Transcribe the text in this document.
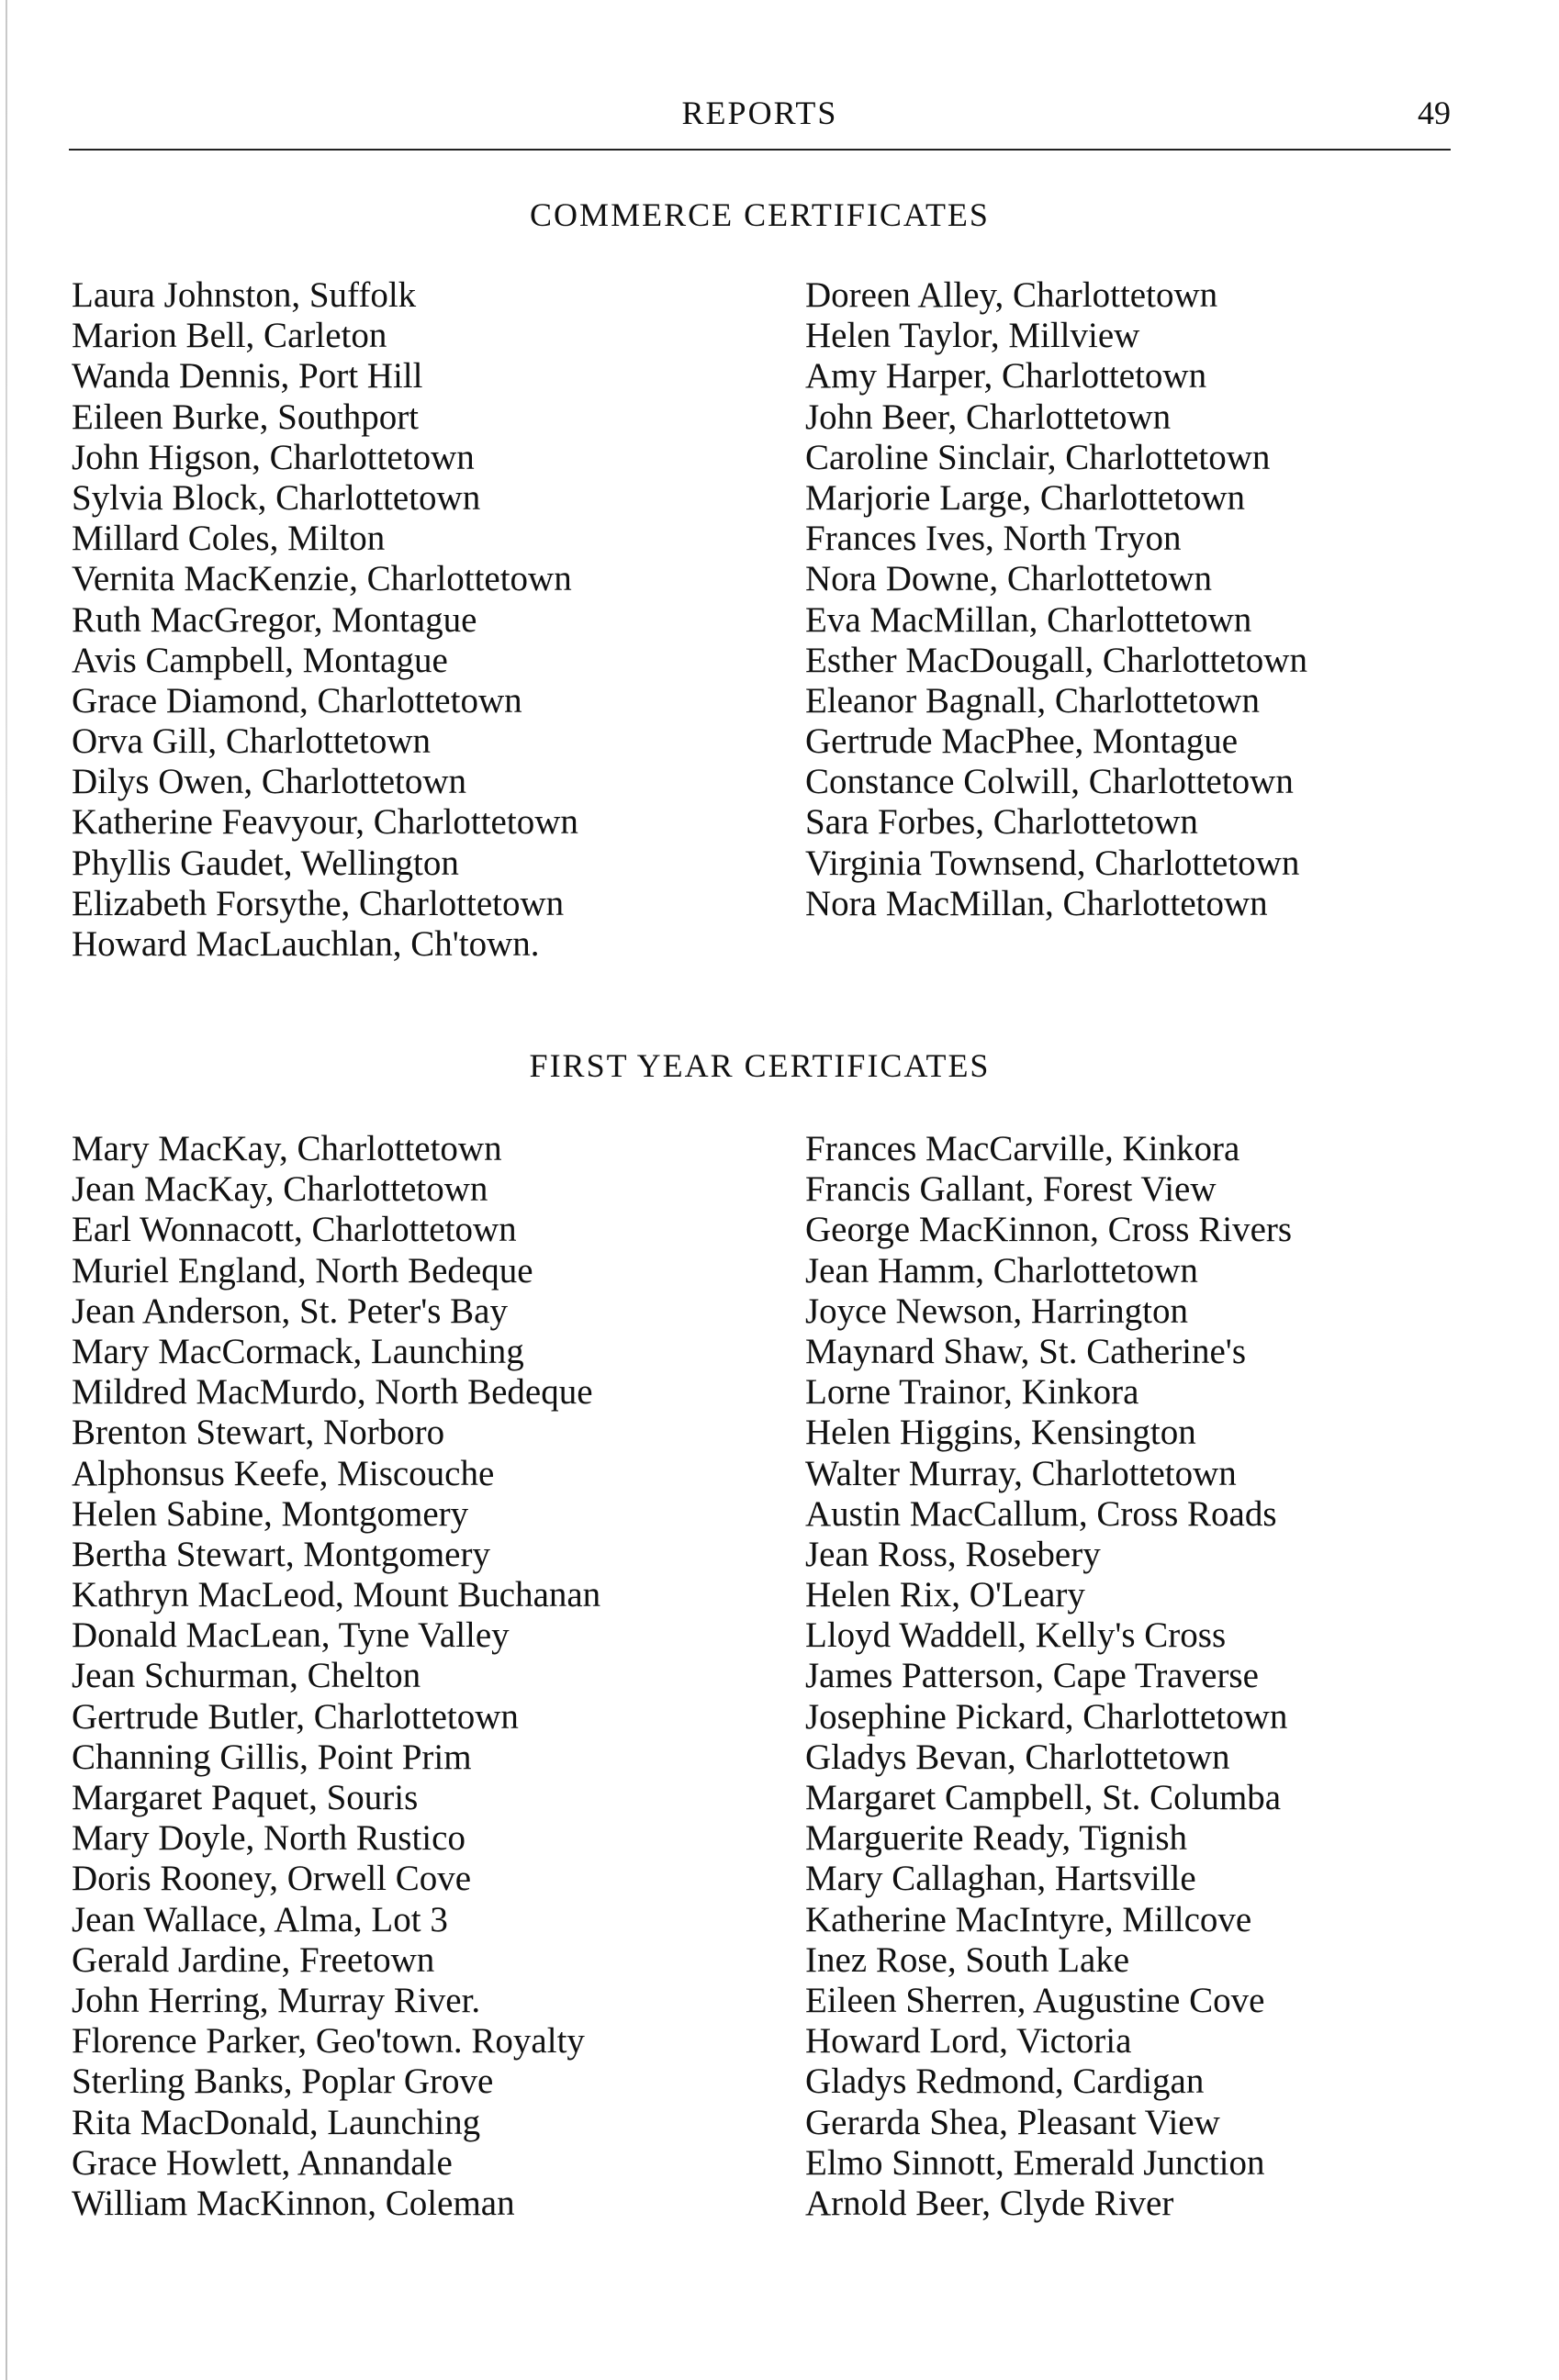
REPORTS	49
COMMERCE CERTIFICATES
Laura Johnston, Suffolk
Marion Bell, Carleton
Wanda Dennis, Port Hill
Eileen Burke, Southport
John Higson, Charlottetown
Sylvia Block, Charlottetown
Millard Coles, Milton
Vernita MacKenzie, Charlottetown
Ruth MacGregor, Montague
Avis Campbell, Montague
Grace Diamond, Charlottetown
Orva Gill, Charlottetown
Dilys Owen, Charlottetown
Katherine Feavyour, Charlottetown
Phyllis Gaudet, Wellington
Elizabeth Forsythe, Charlottetown
Howard MacLauchlan, Ch'town.
Doreen Alley, Charlottetown
Helen Taylor, Millview
Amy Harper, Charlottetown
John Beer, Charlottetown
Caroline Sinclair, Charlottetown
Marjorie Large, Charlottetown
Frances Ives, North Tryon
Nora Downe, Charlottetown
Eva MacMillan, Charlottetown
Esther MacDougall, Charlottetown
Eleanor Bagnall, Charlottetown
Gertrude MacPhee, Montague
Constance Colwill, Charlottetown
Sara Forbes, Charlottetown
Virginia Townsend, Charlottetown
Nora MacMillan, Charlottetown
FIRST YEAR CERTIFICATES
Mary MacKay, Charlottetown
Jean MacKay, Charlottetown
Earl Wonnacott, Charlottetown
Muriel England, North Bedeque
Jean Anderson, St. Peter's Bay
Mary MacCormack, Launching
Mildred MacMurdo, North Bedeque
Brenton Stewart, Norboro
Alphonsus Keefe, Miscouche
Helen Sabine, Montgomery
Bertha Stewart, Montgomery
Kathryn MacLeod, Mount Buchanan
Donald MacLean, Tyne Valley
Jean Schurman, Chelton
Gertrude Butler, Charlottetown
Channing Gillis, Point Prim
Margaret Paquet, Souris
Mary Doyle, North Rustico
Doris Rooney, Orwell Cove
Jean Wallace, Alma, Lot 3
Gerald Jardine, Freetown
John Herring, Murray River.
Florence Parker, Geo'town. Royalty
Sterling Banks, Poplar Grove
Rita MacDonald, Launching
Grace Howlett, Annandale
William MacKinnon, Coleman
Frances MacCarville, Kinkora
Francis Gallant, Forest View
George MacKinnon, Cross Rivers
Jean Hamm, Charlottetown
Joyce Newson, Harrington
Maynard Shaw, St. Catherine's
Lorne Trainor, Kinkora
Helen Higgins, Kensington
Walter Murray, Charlottetown
Austin MacCallum, Cross Roads
Jean Ross, Rosebery
Helen Rix, O'Leary
Lloyd Waddell, Kelly's Cross
James Patterson, Cape Traverse
Josephine Pickard, Charlottetown
Gladys Bevan, Charlottetown
Margaret Campbell, St. Columba
Marguerite Ready, Tignish
Mary Callaghan, Hartsville
Katherine MacIntyre, Millcove
Inez Rose, South Lake
Eileen Sherren, Augustine Cove
Howard Lord, Victoria
Gladys Redmond, Cardigan
Gerarda Shea, Pleasant View
Elmo Sinnott, Emerald Junction
Arnold Beer, Clyde River
